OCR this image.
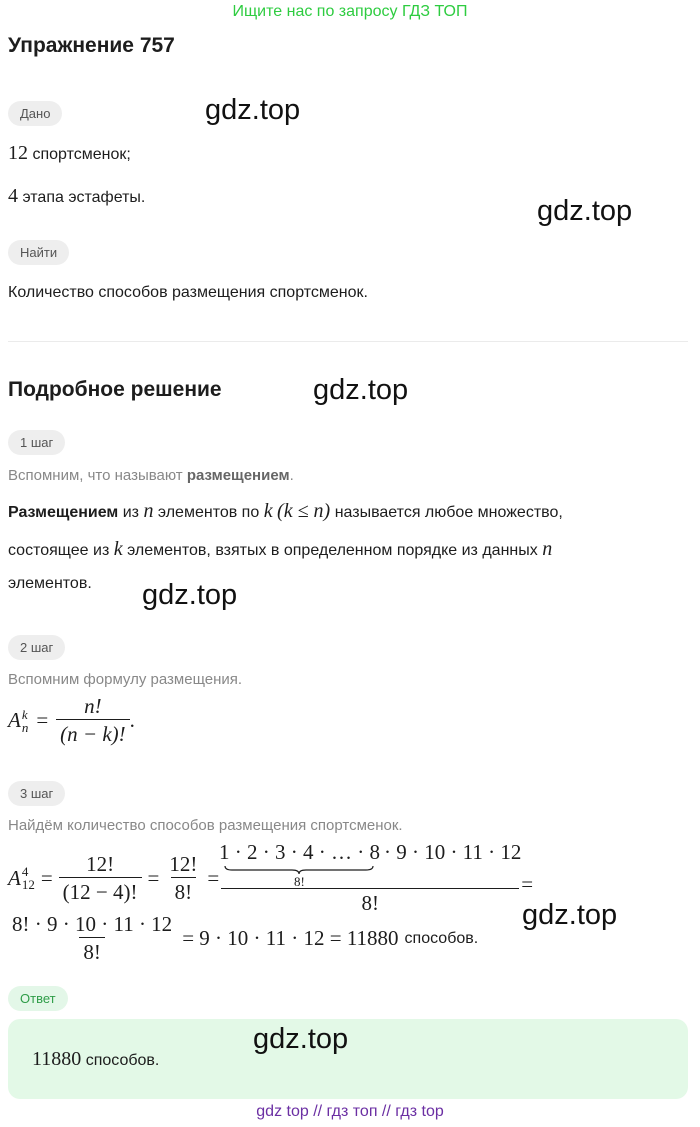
Ищите нас по запросу ГДЗ ТОП
Упражнение 757
Дано	gdz.top
12 спортсменок;
4 этапа эстафеты.	gdz.top
Найти
Количество способов размещения спортсменок.
Подробное решение	gdz.top
1 шаг
Вспомним, что называют размещением.
Размещением из n элементов по k (k ≤ n) называется любое множество,
состоящее из k элементов, взятых в определенном порядке из данных n
элементов. gdz.top
2 шаг
Вспомним формулу размещения.
A k
$n = \frac{n!}{(n - k)!}$ .
3 шаг
Найдём количество способов размещения спортсменок.
A 4
$12 = \frac{12!}{(12 - 4)!} = \frac{12!}{8!}$ =
1 · 2 · 3 · 4 · … · 8
8!
· 9 · 10 · 11 · 12
8!
=
$\frac{8! \cdot 9 \cdot 10 \cdot 11 \cdot 12}{8!} = 9 \cdot 10 \cdot 11 \cdot 12 = 11880$ способов.
gdz.top
Ответ
11880 способов.
gdz.top
gdz top // гдз топ // гдз top
